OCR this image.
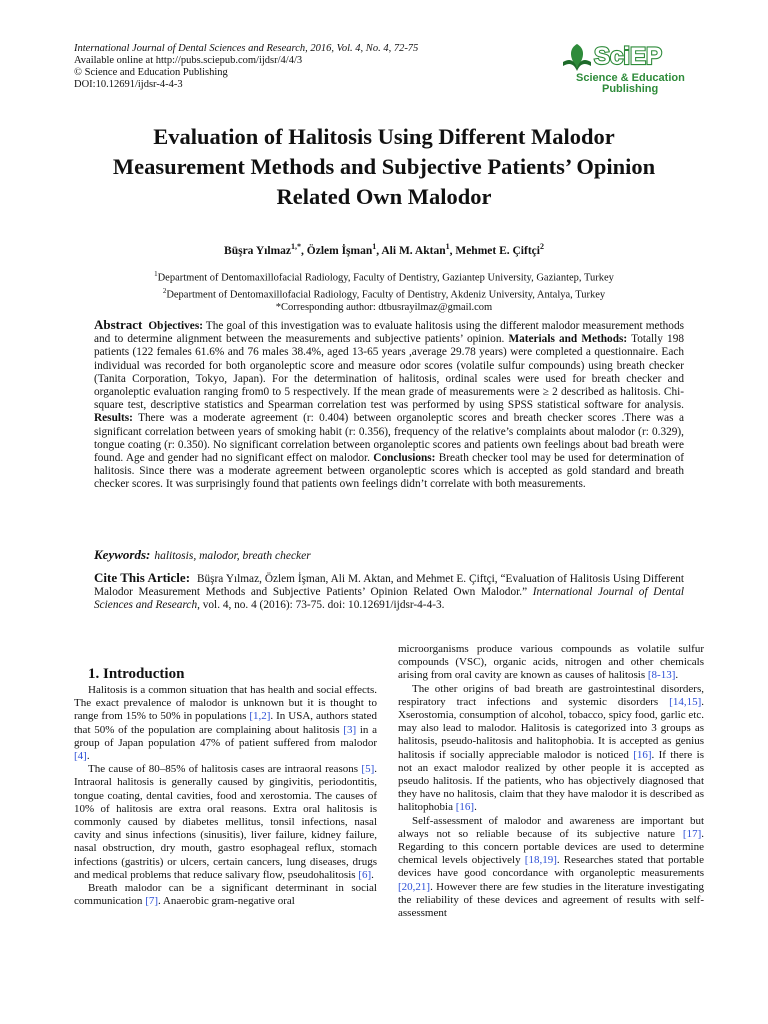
International Journal of Dental Sciences and Research, 2016, Vol. 4, No. 4, 72-75
Available online at http://pubs.sciepub.com/ijdsr/4/4/3
© Science and Education Publishing
DOI:10.12691/ijdsr-4-4-3
SciEP
Science & Education
Publishing
Evaluation of Halitosis Using Different Malodor
Measurement Methods and Subjective Patients’ Opinion
Related Own Malodor
Büşra Yılmaz$^{1,*}$, Özlem İşman$^1$, Ali M. Aktan$^1$, Mehmet E. Çiftçi$^2$
$^1$Department of Dentomaxillofacial Radiology, Faculty of Dentistry, Gaziantep University, Gaziantep, Turkey
$^2$Department of Dentomaxillofacial Radiology, Faculty of Dentistry, Akdeniz University, Antalya, Turkey
*Corresponding author: dtbusrayilmaz@gmail.com
Abstract Objectives: The goal of this investigation was to evaluate halitosis using the different malodor measurement methods and to determine alignment between the measurements and subjective patients’ opinion. Materials and Methods: Totally 198 patients (122 females 61.6% and 76 males 38.4%, aged 13-65 years ,average 29.78 years) were completed a questionnaire. Each individual was recorded for both organoleptic score and measure odor scores (volatile sulfur compounds) using breath checker (Tanita Corporation, Tokyo, Japan). For the determination of halitosis, ordinal scales were used for breath checker and organoleptic evaluation ranging from0 to 5 respectively. If the mean grade of measurements were ≥ 2 described as halitosis. Chi-square test, descriptive statistics and Spearman correlation test was performed by using SPSS statistical software for analysis. Results: There was a moderate agreement (r: 0.404) between organoleptic scores and breath checker scores .There was a significant correlation between years of smoking habit (r: 0.356), frequency of the relative’s complaints about malodor (r: 0.329), tongue coating (r: 0.350). No significant correlation between organoleptic scores and patients own feelings about bad breath were found. Age and gender had no significant effect on malodor. Conclusions: Breath checker tool may be used for determination of halitosis. Since there was a moderate agreement between organoleptic scores which is accepted as gold standard and breath checker scores. It was surprisingly found that patients own feelings didn’t correlate with both measurements.
Keywords: halitosis, malodor, breath checker
Cite This Article: Büşra Yılmaz, Özlem İşman, Ali M. Aktan, and Mehmet E. Çiftçi, “Evaluation of Halitosis Using Different Malodor Measurement Methods and Subjective Patients’ Opinion Related Own Malodor.” International Journal of Dental Sciences and Research, vol. 4, no. 4 (2016): 73-75. doi: 10.12691/ijdsr-4-4-3.

1. Introduction

Halitosis is a common situation that has health and social effects. The exact prevalence of malodor is unknown but it is thought to range from 15% to 50% in populations [1,2]. In USA, authors stated that 50% of the population are complaining about halitosis [3] in a group of Japan population 47% of patient suffered from malodor [4].

The cause of 80–85% of halitosis cases are intraoral reasons [5]. Intraoral halitosis is generally caused by gingivitis, periodontitis, tongue coating, dental cavities, food and xerostomia. The causes of 10% of halitosis are extra oral reasons. Extra oral halitosis is commonly caused by diabetes mellitus, tonsil infections, nasal cavity and sinus infections (sinusitis), liver failure, kidney failure, nasal obstruction, dry mouth, gastro esophageal reflux, stomach infections (gastritis) or ulcers, certain cancers, lung diseases, drugs and medical problems that reduce salivary flow, pseudohalitosis [6].

Breath malodor can be a significant determinant in social communication [7]. Anaerobic gram-negative oral

microorganisms produce various compounds as volatile sulfur compounds (VSC), organic acids, nitrogen and other chemicals arising from oral cavity are known as causes of halitosis [8-13].

The other origins of bad breath are gastrointestinal disorders, respiratory tract infections and systemic disorders [14,15]. Xserostomia, consumption of alcohol, tobacco, spicy food, garlic etc. may also lead to malodor. Halitosis is categorized into 3 groups as halitosis, pseudo-halitosis and halitophobia. It is accepted as genius halitosis if socially appreciable malodor is noticed [16]. If there is not an exact malodor realized by other people it is accepted as pseudo halitosis. If the patients, who has objectively diagnosed that they have no halitosis, claim that they have malodor it is described as halitophobia [16].

Self-assessment of malodor and awareness are important but always not so reliable because of its subjective nature [17]. Regarding to this concern portable devices are used to determine chemical levels objectively [18,19]. Researches stated that portable devices have good concordance with organoleptic measurements [20,21]. However there are few studies in the literature investigating the reliability of these devices and agreement of results with self-assessment
